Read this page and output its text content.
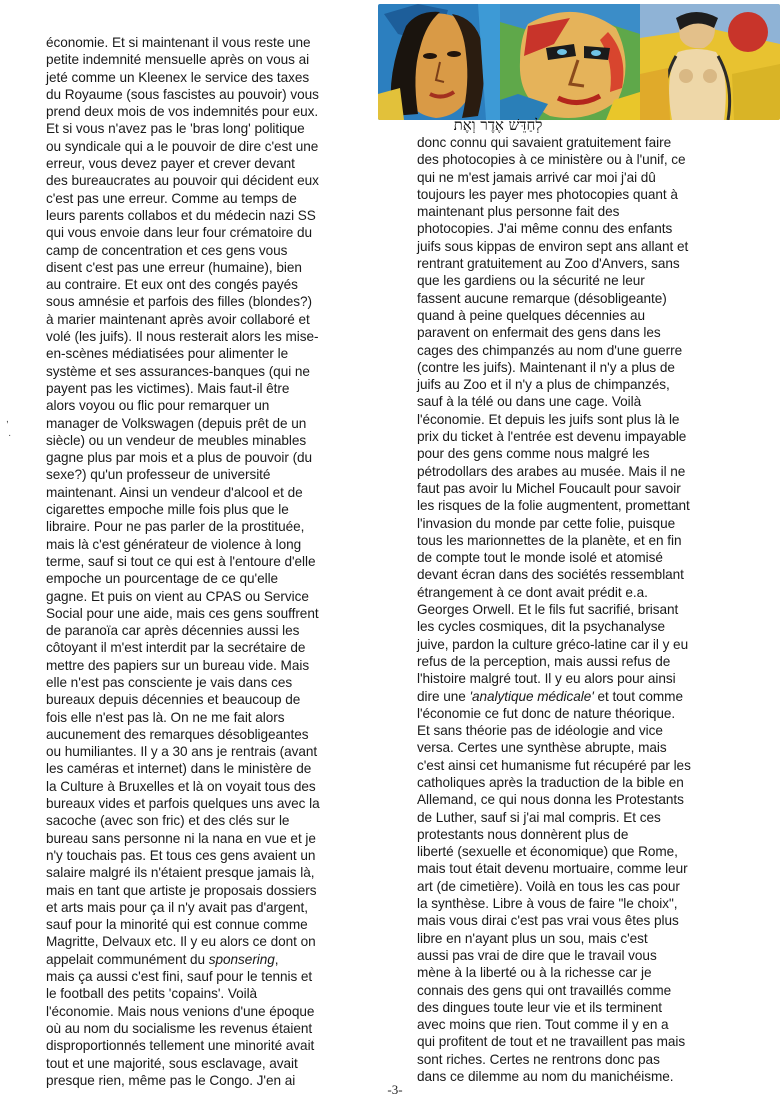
לְחַדֵּשׁ אֶדֶר וְאֶת
économie. Et si maintenant il vous reste une
petite indemnité mensuelle après on vous ai
jeté comme un Kleenex le service des taxes
du Royaume (sous fascistes au pouvoir) vous
prend deux mois de vos indemnités pour eux.
Et si vous n'avez pas le 'bras long' politique
ou syndicale qui a le pouvoir de dire c'est une
erreur, vous devez payer et crever devant
des bureaucrates au pouvoir qui décident eux
c'est pas une erreur. Comme au temps de
leurs parents collabos et du médecin nazi SS
qui vous envoie dans leur four crématoire du
camp de concentration et ces gens vous
disent c'est pas une erreur (humaine), bien
au contraire. Et eux ont des congés payés
sous amnésie et parfois des filles (blondes?)
à marier maintenant après avoir collaboré et
volé (les juifs). Il nous resterait alors les mise-
en-scènes médiatisées pour alimenter le
système et ses assurances-banques (qui ne
payent pas les victimes). Mais faut-il être
alors voyou ou flic pour remarquer un
manager de Volkswagen (depuis prêt de un
siècle) ou un vendeur de meubles minables
gagne plus par mois et a plus de pouvoir (du
sexe?) qu'un professeur de université
maintenant. Ainsi un vendeur d'alcool et de
cigarettes empoche mille fois plus que le
libraire. Pour ne pas parler de la prostituée,
mais là c'est générateur de violence à long
terme, sauf si tout ce qui est à l'entoure d'elle
empoche un pourcentage de ce qu'elle
gagne. Et puis on vient au CPAS ou Service
Social pour une aide, mais ces gens souffrent
de paranoïa car après décennies aussi les
côtoyant il m'est interdit par la secrétaire de
mettre des papiers sur un bureau vide. Mais
elle n'est pas consciente je vais dans ces
bureaux depuis décennies et beaucoup de
fois elle n'est pas là. On ne me fait alors
aucunement des remarques désobligeantes
ou humiliantes. Il y a 30 ans je rentrais (avant
les caméras et internet) dans le ministère de
la Culture à Bruxelles et là on voyait tous des
bureaux vides et parfois quelques uns avec la
sacoche (avec son fric) et des clés sur le
bureau sans personne ni la nana en vue et je
n'y touchais pas. Et tous ces gens avaient un
salaire malgré ils n'étaient presque jamais là,
mais en tant que artiste je proposais dossiers
et arts mais pour ça il n'y avait pas d'argent,
sauf pour la minorité qui est connue comme
Magritte, Delvaux etc. Il y eu alors ce dont on
appelait communément du sponsering,
mais ça aussi c'est fini, sauf pour le tennis et
le football des petits 'copains'. Voilà
l'économie. Mais nous venions d'une époque
où au nom du socialisme les revenus étaient
disproportionnés tellement une minorité avait
tout et une majorité, sous esclavage, avait
presque rien, même pas le Congo. J'en ai
donc connu qui savaient gratuitement faire
des photocopies à ce ministère ou à l'unif, ce
qui ne m'est jamais arrivé car moi j'ai dû
toujours les payer mes photocopies quant à
maintenant plus personne fait des
photocopies. J'ai même connu des enfants
juifs sous kippas de environ sept ans allant et
rentrant gratuitement au Zoo d'Anvers, sans
que les gardiens ou la sécurité ne leur
fassent aucune remarque (désobligeante)
quand à peine quelques décennies au
paravent on enfermait des gens dans les
cages des chimpanzés au nom d'une guerre
(contre les juifs). Maintenant il n'y a plus de
juifs au Zoo et il n'y a plus de chimpanzés,
sauf à la télé ou dans une cage. Voilà
l'économie. Et depuis les juifs sont plus là le
prix du ticket à l'entrée est devenu impayable
pour des gens comme nous malgré les
pétrodollars des arabes au musée. Mais il ne
faut pas avoir lu Michel Foucault pour savoir
les risques de la folie augmentent, promettant
l'invasion du monde par cette folie, puisque
tous les marionnettes de la planète, et en fin
de compte tout le monde isolé et atomisé
devant écran dans des sociétés ressemblant
étrangement à ce dont avait prédit e.a.
Georges Orwell. Et le fils fut sacrifié, brisant
les cycles cosmiques, dit la psychanalyse
juive, pardon la culture gréco-latine car il y eu
refus de la perception, mais aussi refus de
l'histoire malgré tout. Il y eu alors pour ainsi
dire une 'analytique médicale' et tout comme
l'économie ce fut donc de nature théorique.
Et sans théorie pas de idéologie and vice
versa. Certes une synthèse abrupte, mais
c'est ainsi cet humanisme fut récupéré par les
catholiques après la traduction de la bible en
Allemand, ce qui nous donna les Protestants
de Luther, sauf si j'ai mal compris. Et ces
protestants nous donnèrent plus de
liberté (sexuelle et économique) que Rome,
mais tout était devenu mortuaire, comme leur
art (de cimetière). Voilà en tous les cas pour
la synthèse. Libre à vous de faire "le choix",
mais vous dirai c'est pas vrai vous êtes plus
libre en n'ayant plus un sou, mais c'est
aussi pas vrai de dire que le travail vous
mène à la liberté ou à la richesse car je
connais des gens qui ont travaillés comme
des dingues toute leur vie et ils terminent
avec moins que rien. Tout comme il y en a
qui profitent de tout et ne travaillent pas mais
sont riches. Certes ne rentrons donc pas
dans ce dilemme au nom du manichéisme.
,
·
-3-
